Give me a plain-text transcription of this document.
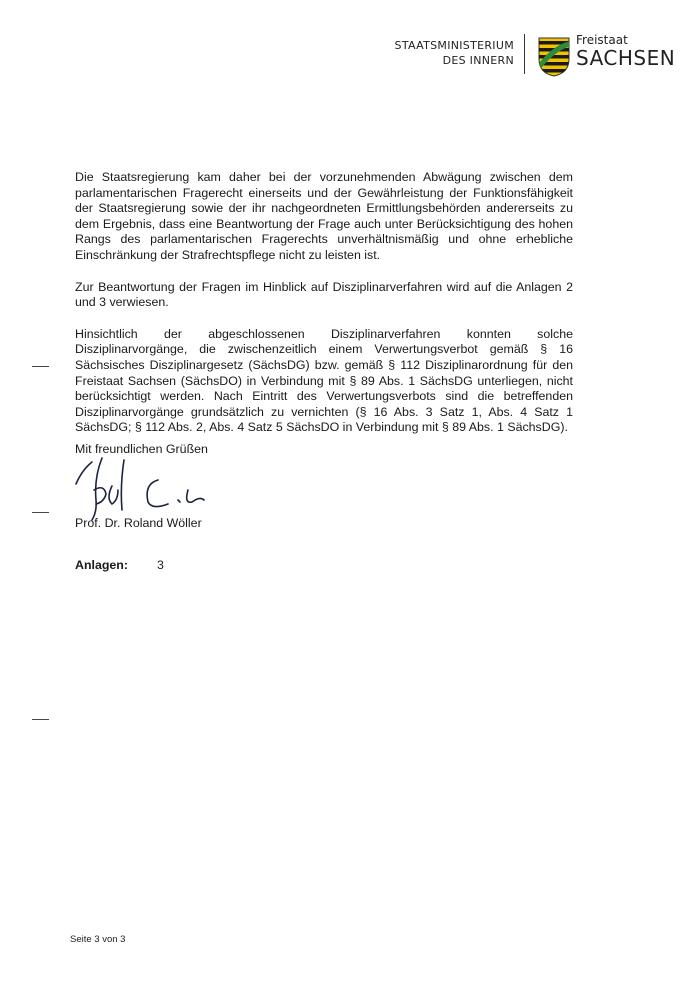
STAATSMINISTERIUM
DES INNERN
Freistaat
SACHSEN

Die Staatsregierung kam daher bei der vorzunehmenden Abwägung zwischen dem parlamentarischen Fragerecht einerseits und der Gewährleistung der Funktionsfähigkeit der Staatsregierung sowie der ihr nachgeordneten Ermittlungsbehörden andererseits zu dem Ergebnis, dass eine Beantwortung der Frage auch unter Berücksichtigung des hohen Rangs des parlamentarischen Fragerechts unverhältnismäßig und ohne erhebliche Einschränkung der Strafrechtspflege nicht zu leisten ist.

Zur Beantwortung der Fragen im Hinblick auf Disziplinarverfahren wird auf die Anlagen 2 und 3 verwiesen.

Hinsichtlich der abgeschlossenen Disziplinarverfahren konnten solche Disziplinarvorgänge, die zwischenzeitlich einem Verwertungsverbot gemäß § 16 Sächsisches Disziplinargesetz (SächsDG) bzw. gemäß § 112 Disziplinarordnung für den Freistaat Sachsen (SächsDO) in Verbindung mit § 89 Abs. 1 SächsDG unterliegen, nicht berücksichtigt werden. Nach Eintritt des Verwertungsverbots sind die betreffenden Disziplinarvorgänge grundsätzlich zu vernichten (§ 16 Abs. 3 Satz 1, Abs. 4 Satz 1 SächsDG; § 112 Abs. 2, Abs. 4 Satz 5 SächsDO in Verbindung mit § 89 Abs. 1 SächsDG).

Mit freundlichen Grüßen
Prof. Dr. Roland Wöller
Anlagen: 3
Seite 3 von 3
